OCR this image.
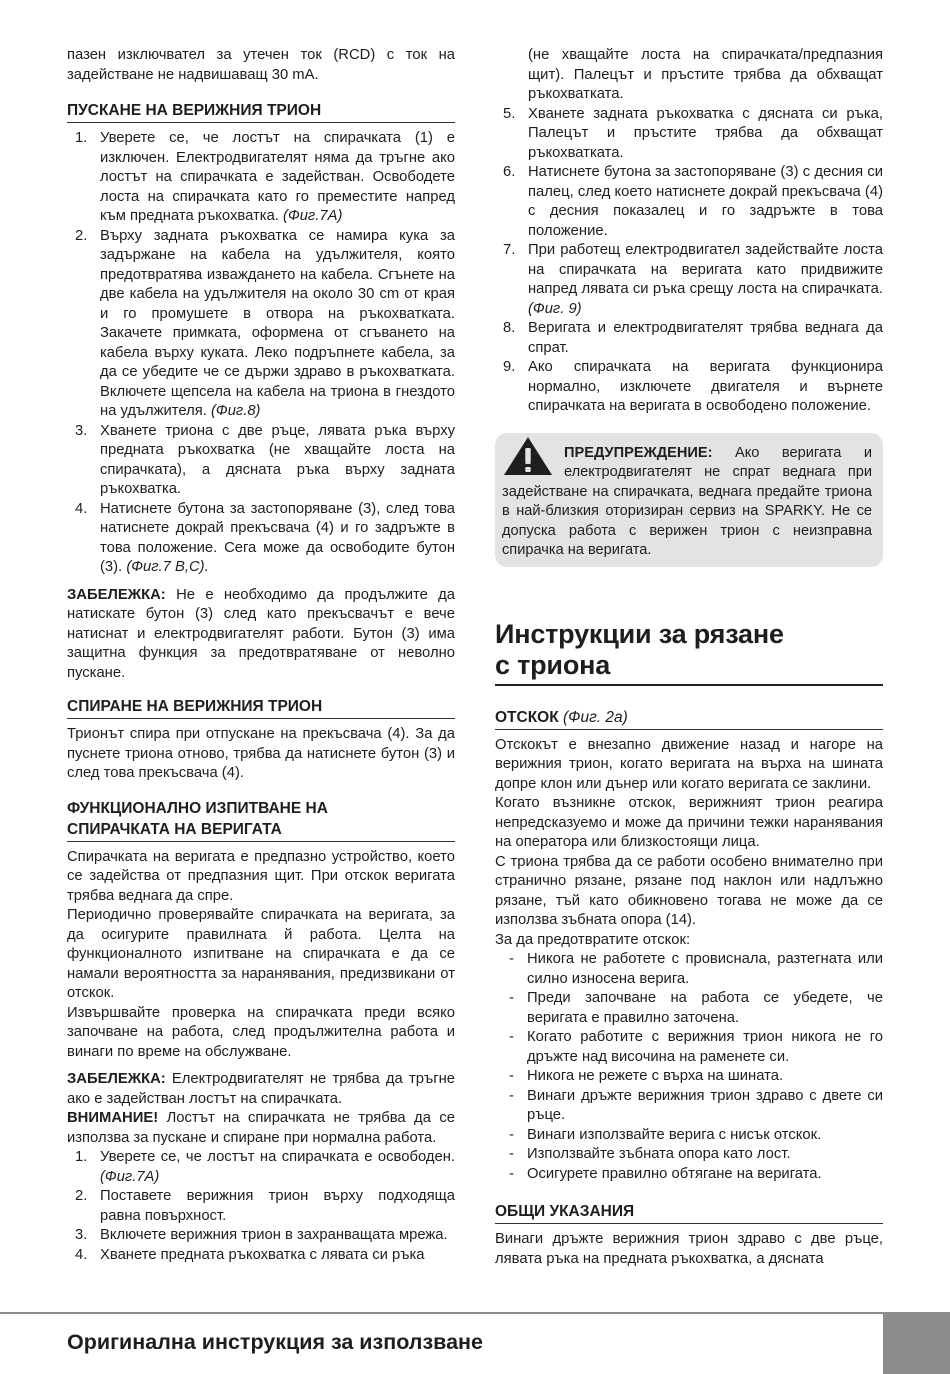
пазен изключвател за утечен ток (RCD) с ток на задействане не надвишаващ 30 mA.

ПУСКАНЕ НА ВЕРИЖНИЯ ТРИОН
1. Уверете се, че лостът на спирачката (1) е изключен. Електродвигателят няма да тръгне ако лостът на спирачката е задействан. Освободете лоста на спирачката като го преместите напред към предната ръкохватка. (Фиг.7A)
2. Върху задната ръкохватка се намира кука за задържане на кабела на удължителя, която предотвратява изваждането на кабела. Сгънете на две кабела на удължителя на около 30 cm от края и го промушете в отвора на ръкохватката. Закачете примката, оформена от сгъването на кабела върху куката. Леко подръпнете кабела, за да се убедите че се държи здраво в ръкохватката. Включете щепсела на кабела на триона в гнездото на удължителя. (Фиг.8)
3. Хванете триона с две ръце, лявата ръка върху предната ръкохватка (не хващайте лоста на спирачката), а дясната ръка върху задната ръкохватка.
4. Натиснете бутона за застопоряване (3), след това натиснете докрай прекъсвача (4) и го задръжте в това положение. Сега може да освободите бутон (3). (Фиг.7 B,C).

ЗАБЕЛЕЖКА: Не е необходимо да продължите да натискате бутон (3) след като прекъсвачът е вече натиснат и електродвигателят работи. Бутон (3) има защитна функция за предотвратяване от неволно пускане.

СПИРАНЕ НА ВЕРИЖНИЯ ТРИОН

Трионът спира при отпускане на прекъсвача (4). За да пуснете триона отново, трябва да натиснете бутон (3) и след това прекъсвача (4).

ФУНКЦИОНАЛНО ИЗПИТВАНЕ НА
СПИРАЧКАТА НА ВЕРИГАТА

Спирачката на веригата е предпазно устройство, което се задейства от предпазния щит. При отскок веригата трябва веднага да спре.

Периодично проверявайте спирачката на веригата, за да осигурите правилната й работа. Целта на функционалното изпитване на спирачката е да се намали вероятността за наранявания, предизвикани от отскок.

Извършвайте проверка на спирачката преди всяко започване на работа, след продължителна работа и винаги по време на обслужване.

ЗАБЕЛЕЖКА: Електродвигателят не трябва да тръгне ако е задействан лостът на спирачката.

ВНИМАНИЕ! Лостът на спирачката не трябва да се използва за пускане и спиране при нормална работа.

1. Уверете се, че лостът на спирачката е освободен. (Фиг.7A)
2. Поставете верижния трион върху подходяща равна повърхност.
3. Включете верижния трион в захранващата мрежа.
4. Хванете предната ръкохватка с лявата си ръка
(не хващайте лоста на спирачката/предпазния щит). Палецът и пръстите трябва да обхващат ръкохватката.
5. Хванете задната ръкохватка с дясната си ръка, Палецът и пръстите трябва да обхващат ръкохватката.
6. Натиснете бутона за застопоряване (3) с десния си палец, след което натиснете докрай прекъсвача (4) с десния показалец и го задръжте в това положение.
7. При работещ електродвигател задействайте лоста на спирачката на веригата като придвижите напред лявата си ръка срещу лоста на спирачката. (Фиг. 9)
8. Веригата и електродвигателят трябва веднага да спрат.
9. Ако спирачката на веригата функционира нормално, изключете двигателя и върнете спирачката на веригата в освободено положение.

ПРЕДУПРЕЖДЕНИЕ: Ако веригата и електродвигателят не спрат веднага при задействане на спирачката, веднага предайте триона в най-близкия оторизиран сервиз на SPARKY. Не се допуска работа с верижен трион с неизправна спирачка на веригата.

Инструкции за рязане
с триона
ОТСКОК (Фиг. 2а)

Отскокът е внезапно движение назад и нагоре на верижния трион, когато веригата на върха на шината допре клон или дънер или когато веригата се заклини.

Когато възникне отскок, верижният трион реагира непредсказуемо и може да причини тежки наранявания на оператора или близкостоящи лица.

С триона трябва да се работи особено внимателно при странично рязане, рязане под наклон или надлъжно рязане, тъй като обикновено тогава не може да се използва зъбната опора (14).

За да предотвратите отскок:

- Никога не работете с провиснала, разтегната или силно износена верига.
- Преди започване на работа се убедете, че веригата е правилно заточена.
- Когато работите с верижния трион никога не го дръжте над височина на раменете си.
- Никога не режете с върха на шината.
- Винаги дръжте верижния трион здраво с двете си ръце.
- Винаги използвайте верига с нисък отскок.
- Използвайте зъбната опора като лост.
- Осигурете правилно обтягане на веригата.
ОБЩИ УКАЗАНИЯ

Винаги дръжте верижния трион здраво с две ръце, лявата ръка на предната ръкохватка, а дясната

Оригинална инструкция за използване
